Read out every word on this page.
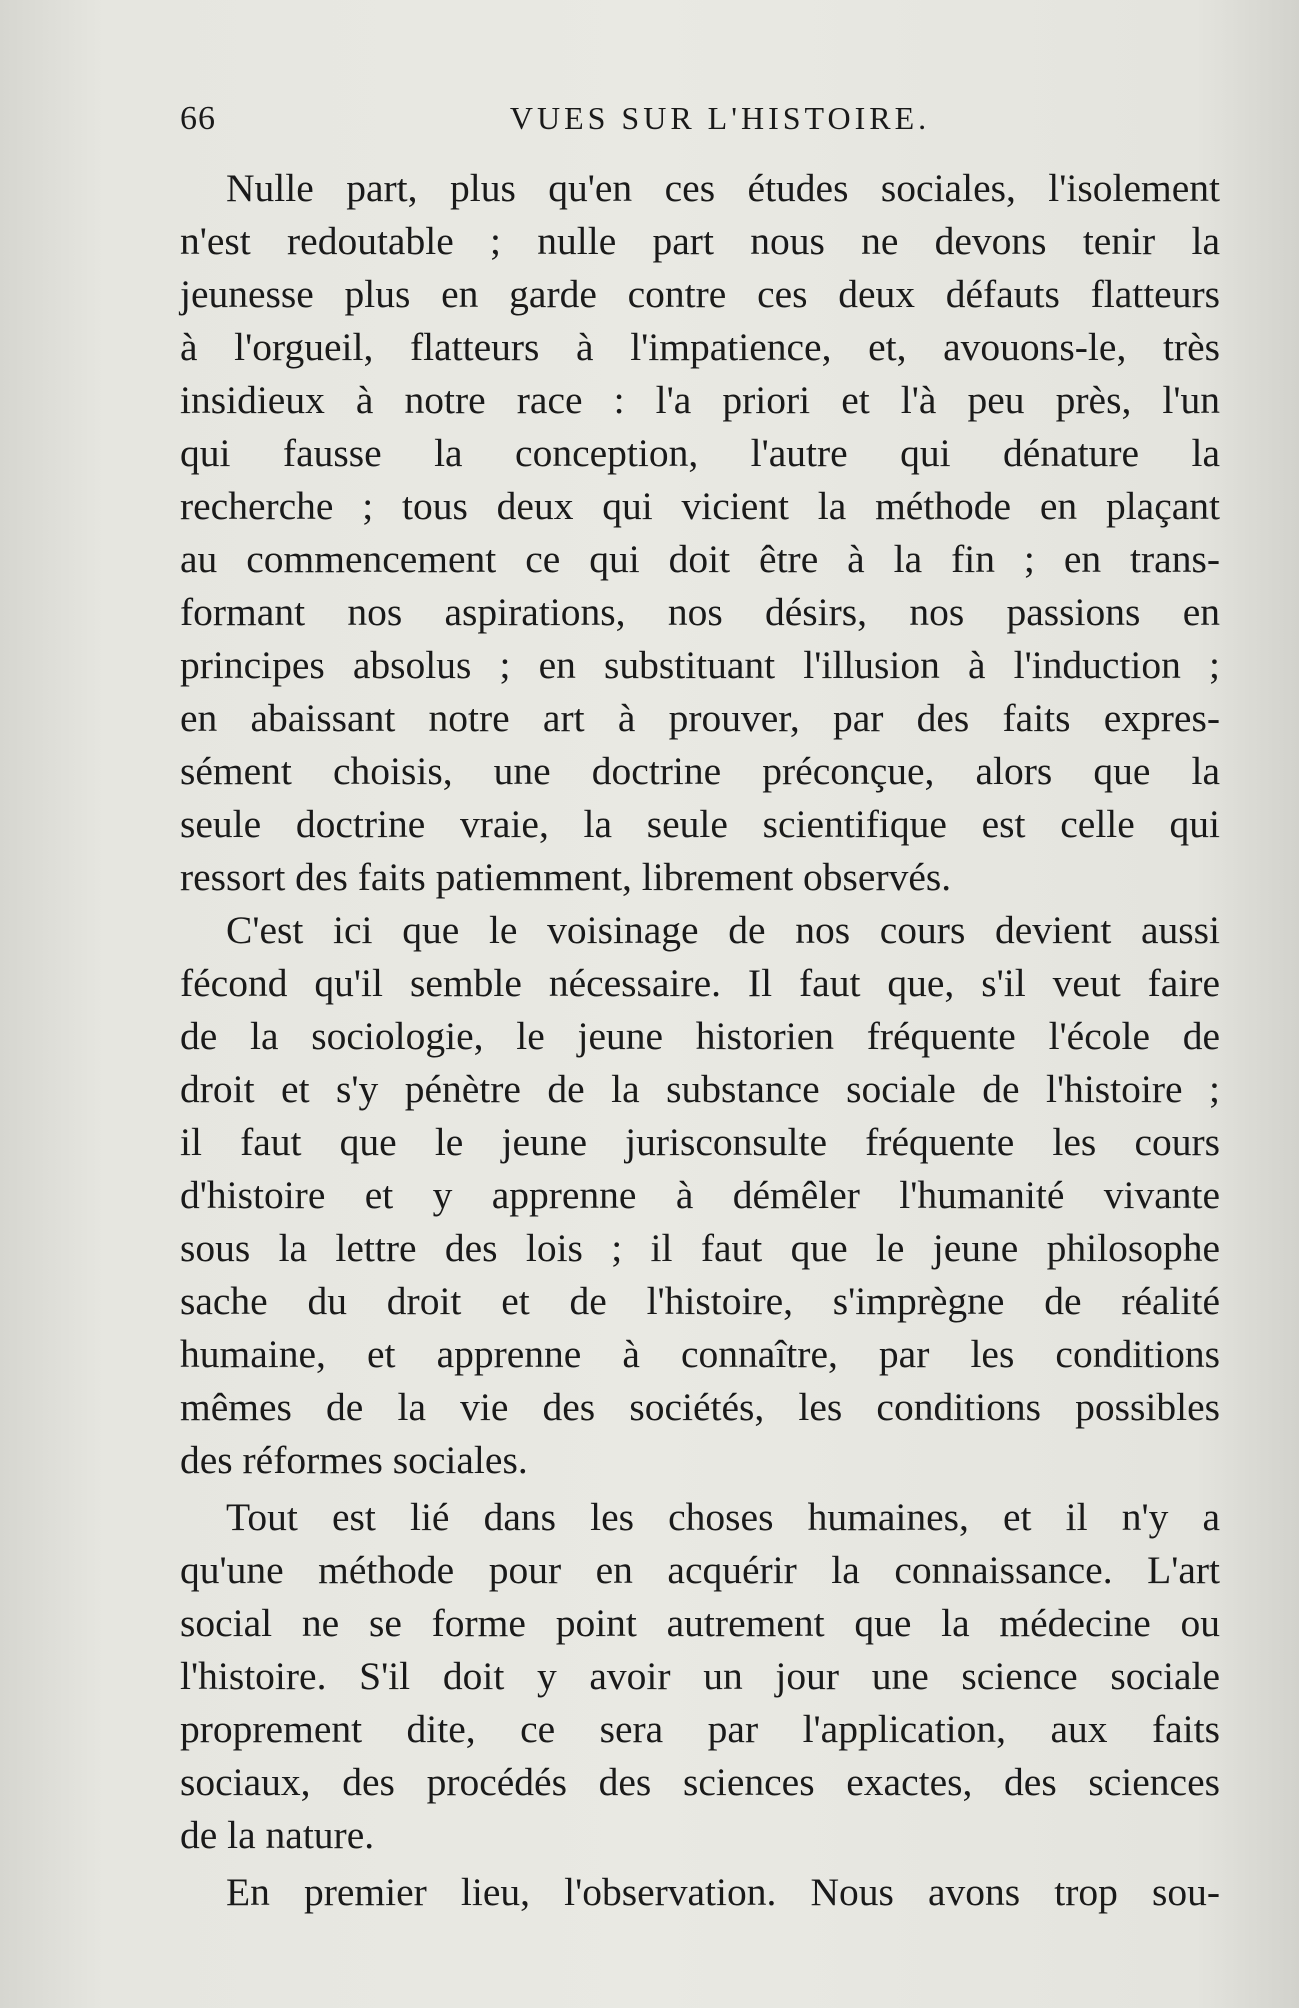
66	VUES SUR L'HISTOIRE.
Nulle part, plus qu'en ces études sociales, l'isolement
n'est redoutable ; nulle part nous ne devons tenir la
jeunesse plus en garde contre ces deux défauts flatteurs
à l'orgueil, flatteurs à l'impatience, et, avouons-le, très
insidieux à notre race : l'a priori et l'à peu près, l'un
qui fausse la conception, l'autre qui dénature la
recherche ; tous deux qui vicient la méthode en plaçant
au commencement ce qui doit être à la fin ; en trans-
formant nos aspirations, nos désirs, nos passions en
principes absolus ; en substituant l'illusion à l'induction ;
en abaissant notre art à prouver, par des faits expres-
sément choisis, une doctrine préconçue, alors que la
seule doctrine vraie, la seule scientifique est celle qui
ressort des faits patiemment, librement observés.
C'est ici que le voisinage de nos cours devient aussi
fécond qu'il semble nécessaire. Il faut que, s'il veut faire
de la sociologie, le jeune historien fréquente l'école de
droit et s'y pénètre de la substance sociale de l'histoire ;
il faut que le jeune jurisconsulte fréquente les cours
d'histoire et y apprenne à démêler l'humanité vivante
sous la lettre des lois ; il faut que le jeune philosophe
sache du droit et de l'histoire, s'imprègne de réalité
humaine, et apprenne à connaître, par les conditions
mêmes de la vie des sociétés, les conditions possibles
des réformes sociales.
Tout est lié dans les choses humaines, et il n'y a
qu'une méthode pour en acquérir la connaissance. L'art
social ne se forme point autrement que la médecine ou
l'histoire. S'il doit y avoir un jour une science sociale
proprement dite, ce sera par l'application, aux faits
sociaux, des procédés des sciences exactes, des sciences
de la nature.
En premier lieu, l'observation. Nous avons trop sou-
